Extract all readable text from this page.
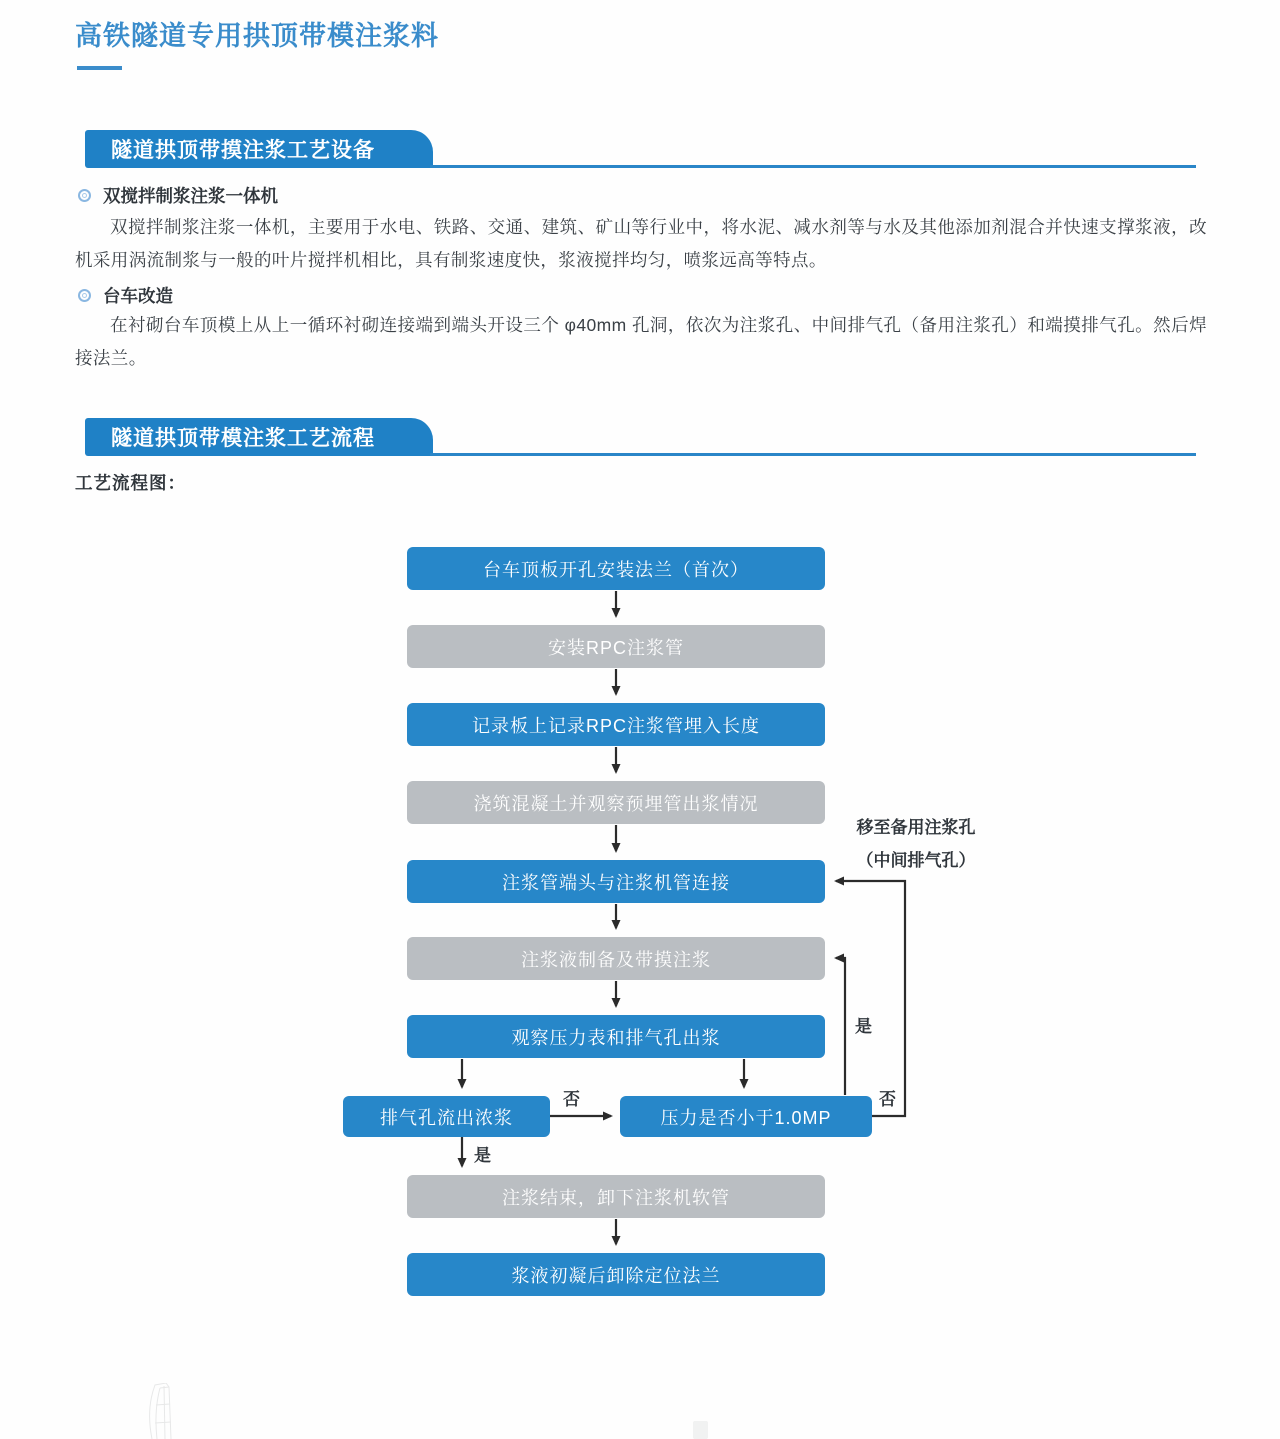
高铁隧道专用拱顶带模注浆料
隧道拱顶带摸注浆工艺设备
双搅拌制浆注浆一体机

双搅拌制浆注浆一体机，主要用于水电、铁路、交通、建筑、矿山等行业中，将水泥、减水剂等与水及其他添加剂混合并快速支撑浆液，改机采用涡流制浆与一般的叶片搅拌机相比，具有制浆速度快，浆液搅拌均匀，喷浆远高等特点。

台车改造

在衬砌台车顶模上从上一循环衬砌连接端到端头开设三个 φ40mm 孔洞，依次为注浆孔、中间排气孔（备用注浆孔）和端摸排气孔。然后焊接法兰。

隧道拱顶带模注浆工艺流程
工艺流程图：
台车顶板开孔安装法兰（首次）
安装RPC注浆管
记录板上记录RPC注浆管埋入长度
浇筑混凝土并观察预埋管出浆情况
注浆管端头与注浆机管连接
注浆液制备及带摸注浆
观察压力表和排气孔出浆
排气孔流出浓浆	压力是否小于1.0MP
注浆结束，卸下注浆机软管
浆液初凝后卸除定位法兰
否
是
是
否
移至备用注浆孔
（中间排气孔）
